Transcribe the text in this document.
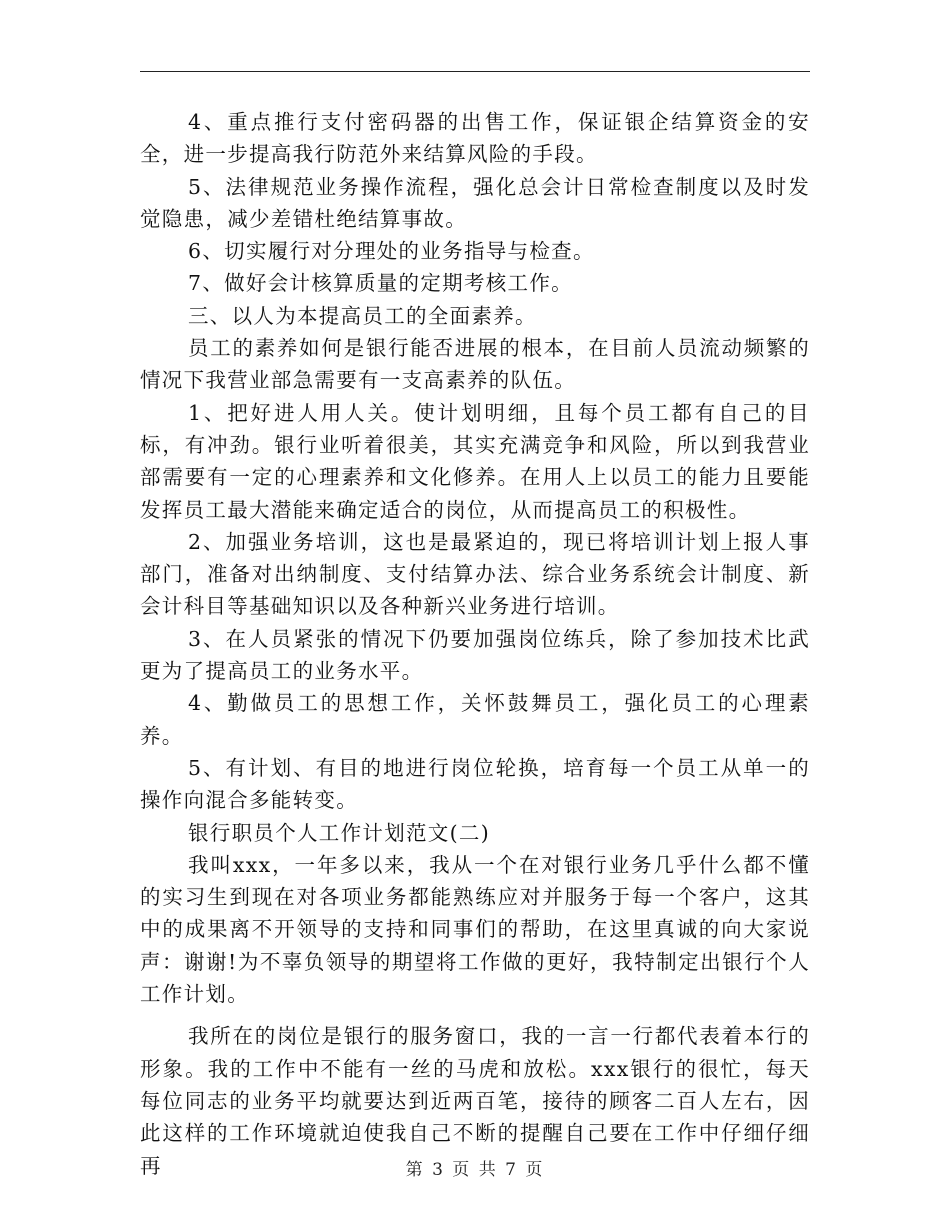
4、重点推行支付密码器的出售工作，保证银企结算资金的安全，进一步提高我行防范外来结算风险的手段。

5、法律规范业务操作流程，强化总会计日常检查制度以及时发觉隐患，减少差错杜绝结算事故。

6、切实履行对分理处的业务指导与检查。

7、做好会计核算质量的定期考核工作。

三、以人为本提高员工的全面素养。

员工的素养如何是银行能否进展的根本，在目前人员流动频繁的情况下我营业部急需要有一支高素养的队伍。

1、把好进人用人关。使计划明细，且每个员工都有自己的目标，有冲劲。银行业听着很美，其实充满竞争和风险，所以到我营业部需要有一定的心理素养和文化修养。在用人上以员工的能力且要能发挥员工最大潜能来确定适合的岗位，从而提高员工的积极性。

2、加强业务培训，这也是最紧迫的，现已将培训计划上报人事部门，准备对出纳制度、支付结算办法、综合业务系统会计制度、新会计科目等基础知识以及各种新兴业务进行培训。

3、在人员紧张的情况下仍要加强岗位练兵，除了参加技术比武更为了提高员工的业务水平。

4、勤做员工的思想工作，关怀鼓舞员工，强化员工的心理素养。

5、有计划、有目的地进行岗位轮换，培育每一个员工从单一的操作向混合多能转变。

银行职员个人工作计划范文(二)

我叫xxx，一年多以来，我从一个在对银行业务几乎什么都不懂的实习生到现在对各项业务都能熟练应对并服务于每一个客户，这其中的成果离不开领导的支持和同事们的帮助，在这里真诚的向大家说声：谢谢!为不辜负领导的期望将工作做的更好，我特制定出银行个人工作计划。

我所在的岗位是银行的服务窗口，我的一言一行都代表着本行的形象。我的工作中不能有一丝的马虎和放松。xxx银行的很忙，每天每位同志的业务平均就要达到近两百笔，接待的顾客二百人左右，因此这样的工作环境就迫使我自己不断的提醒自己要在工作中仔细仔细再	第 3 页 共 7 页
